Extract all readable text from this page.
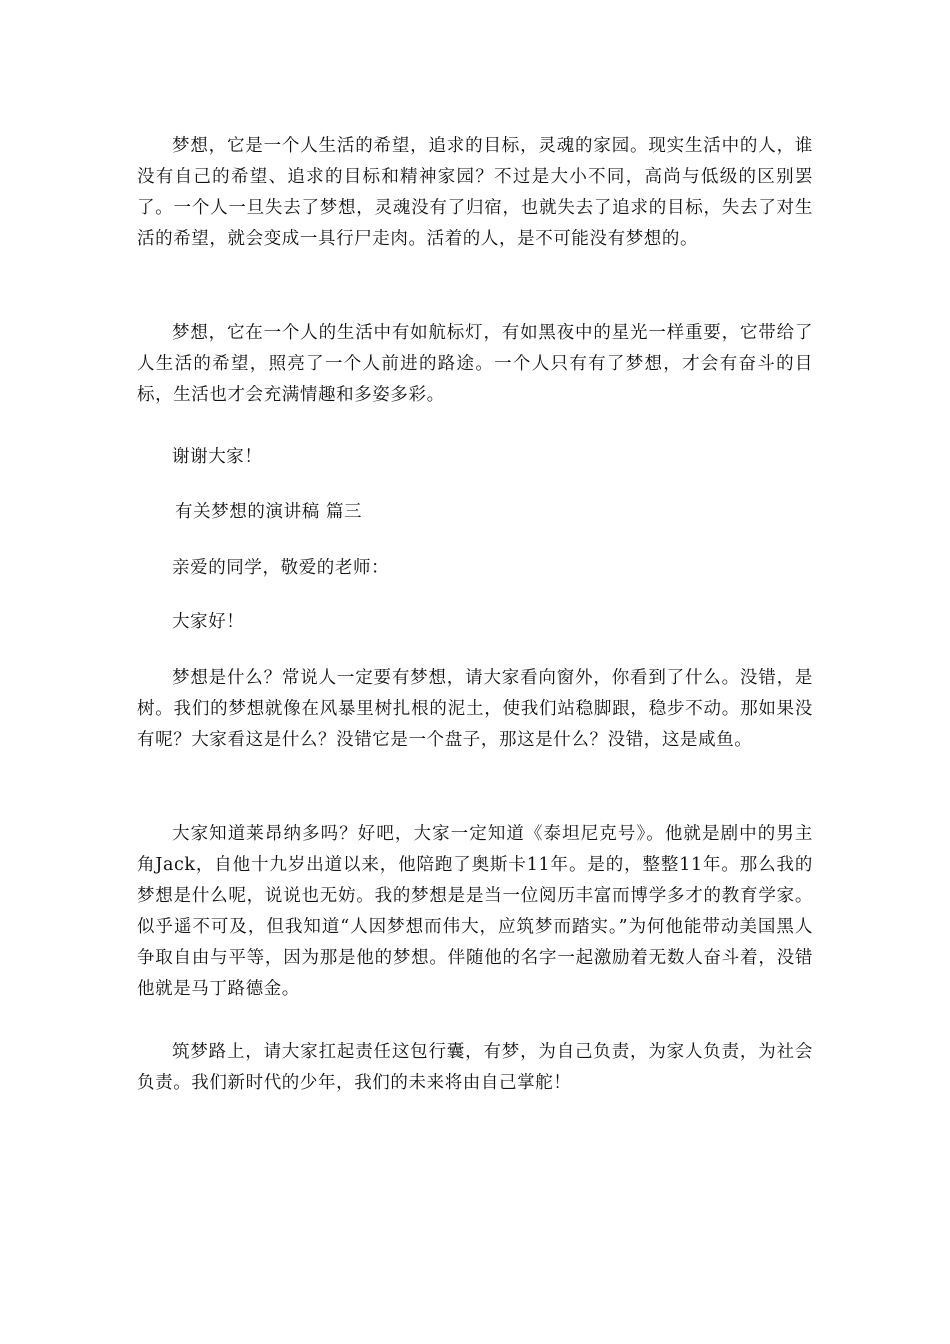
梦想，它是一个人生活的希望，追求的目标，灵魂的家园。现实生活中的人，谁没有自己的希望、追求的目标和精神家园？不过是大小不同，高尚与低级的区别罢了。一个人一旦失去了梦想，灵魂没有了归宿，也就失去了追求的目标，失去了对生活的希望，就会变成一具行尸走肉。活着的人，是不可能没有梦想的。

梦想，它在一个人的生活中有如航标灯，有如黑夜中的星光一样重要，它带给了人生活的希望，照亮了一个人前进的路途。一个人只有有了梦想，才会有奋斗的目标，生活也才会充满情趣和多姿多彩。

谢谢大家！

有关梦想的演讲稿 篇三

亲爱的同学，敬爱的老师：

大家好！

梦想是什么？常说人一定要有梦想，请大家看向窗外，你看到了什么。没错，是树。我们的梦想就像在风暴里树扎根的泥土，使我们站稳脚跟，稳步不动。那如果没有呢？大家看这是什么？没错它是一个盘子，那这是什么？没错，这是咸鱼。

大家知道莱昂纳多吗？好吧，大家一定知道《泰坦尼克号》。他就是剧中的男主角Jack，自他十九岁出道以来，他陪跑了奥斯卡11年。是的，整整11年。那么我的梦想是什么呢，说说也无妨。我的梦想是是当一位阅历丰富而博学多才的教育学家。似乎遥不可及，但我知道“人因梦想而伟大，应筑梦而踏实。”为何他能带动美国黑人争取自由与平等，因为那是他的梦想。伴随他的名字一起激励着无数人奋斗着，没错他就是马丁路德金。

筑梦路上，请大家扛起责任这包行囊，有梦，为自己负责，为家人负责，为社会负责。我们新时代的少年，我们的未来将由自己掌舵！
